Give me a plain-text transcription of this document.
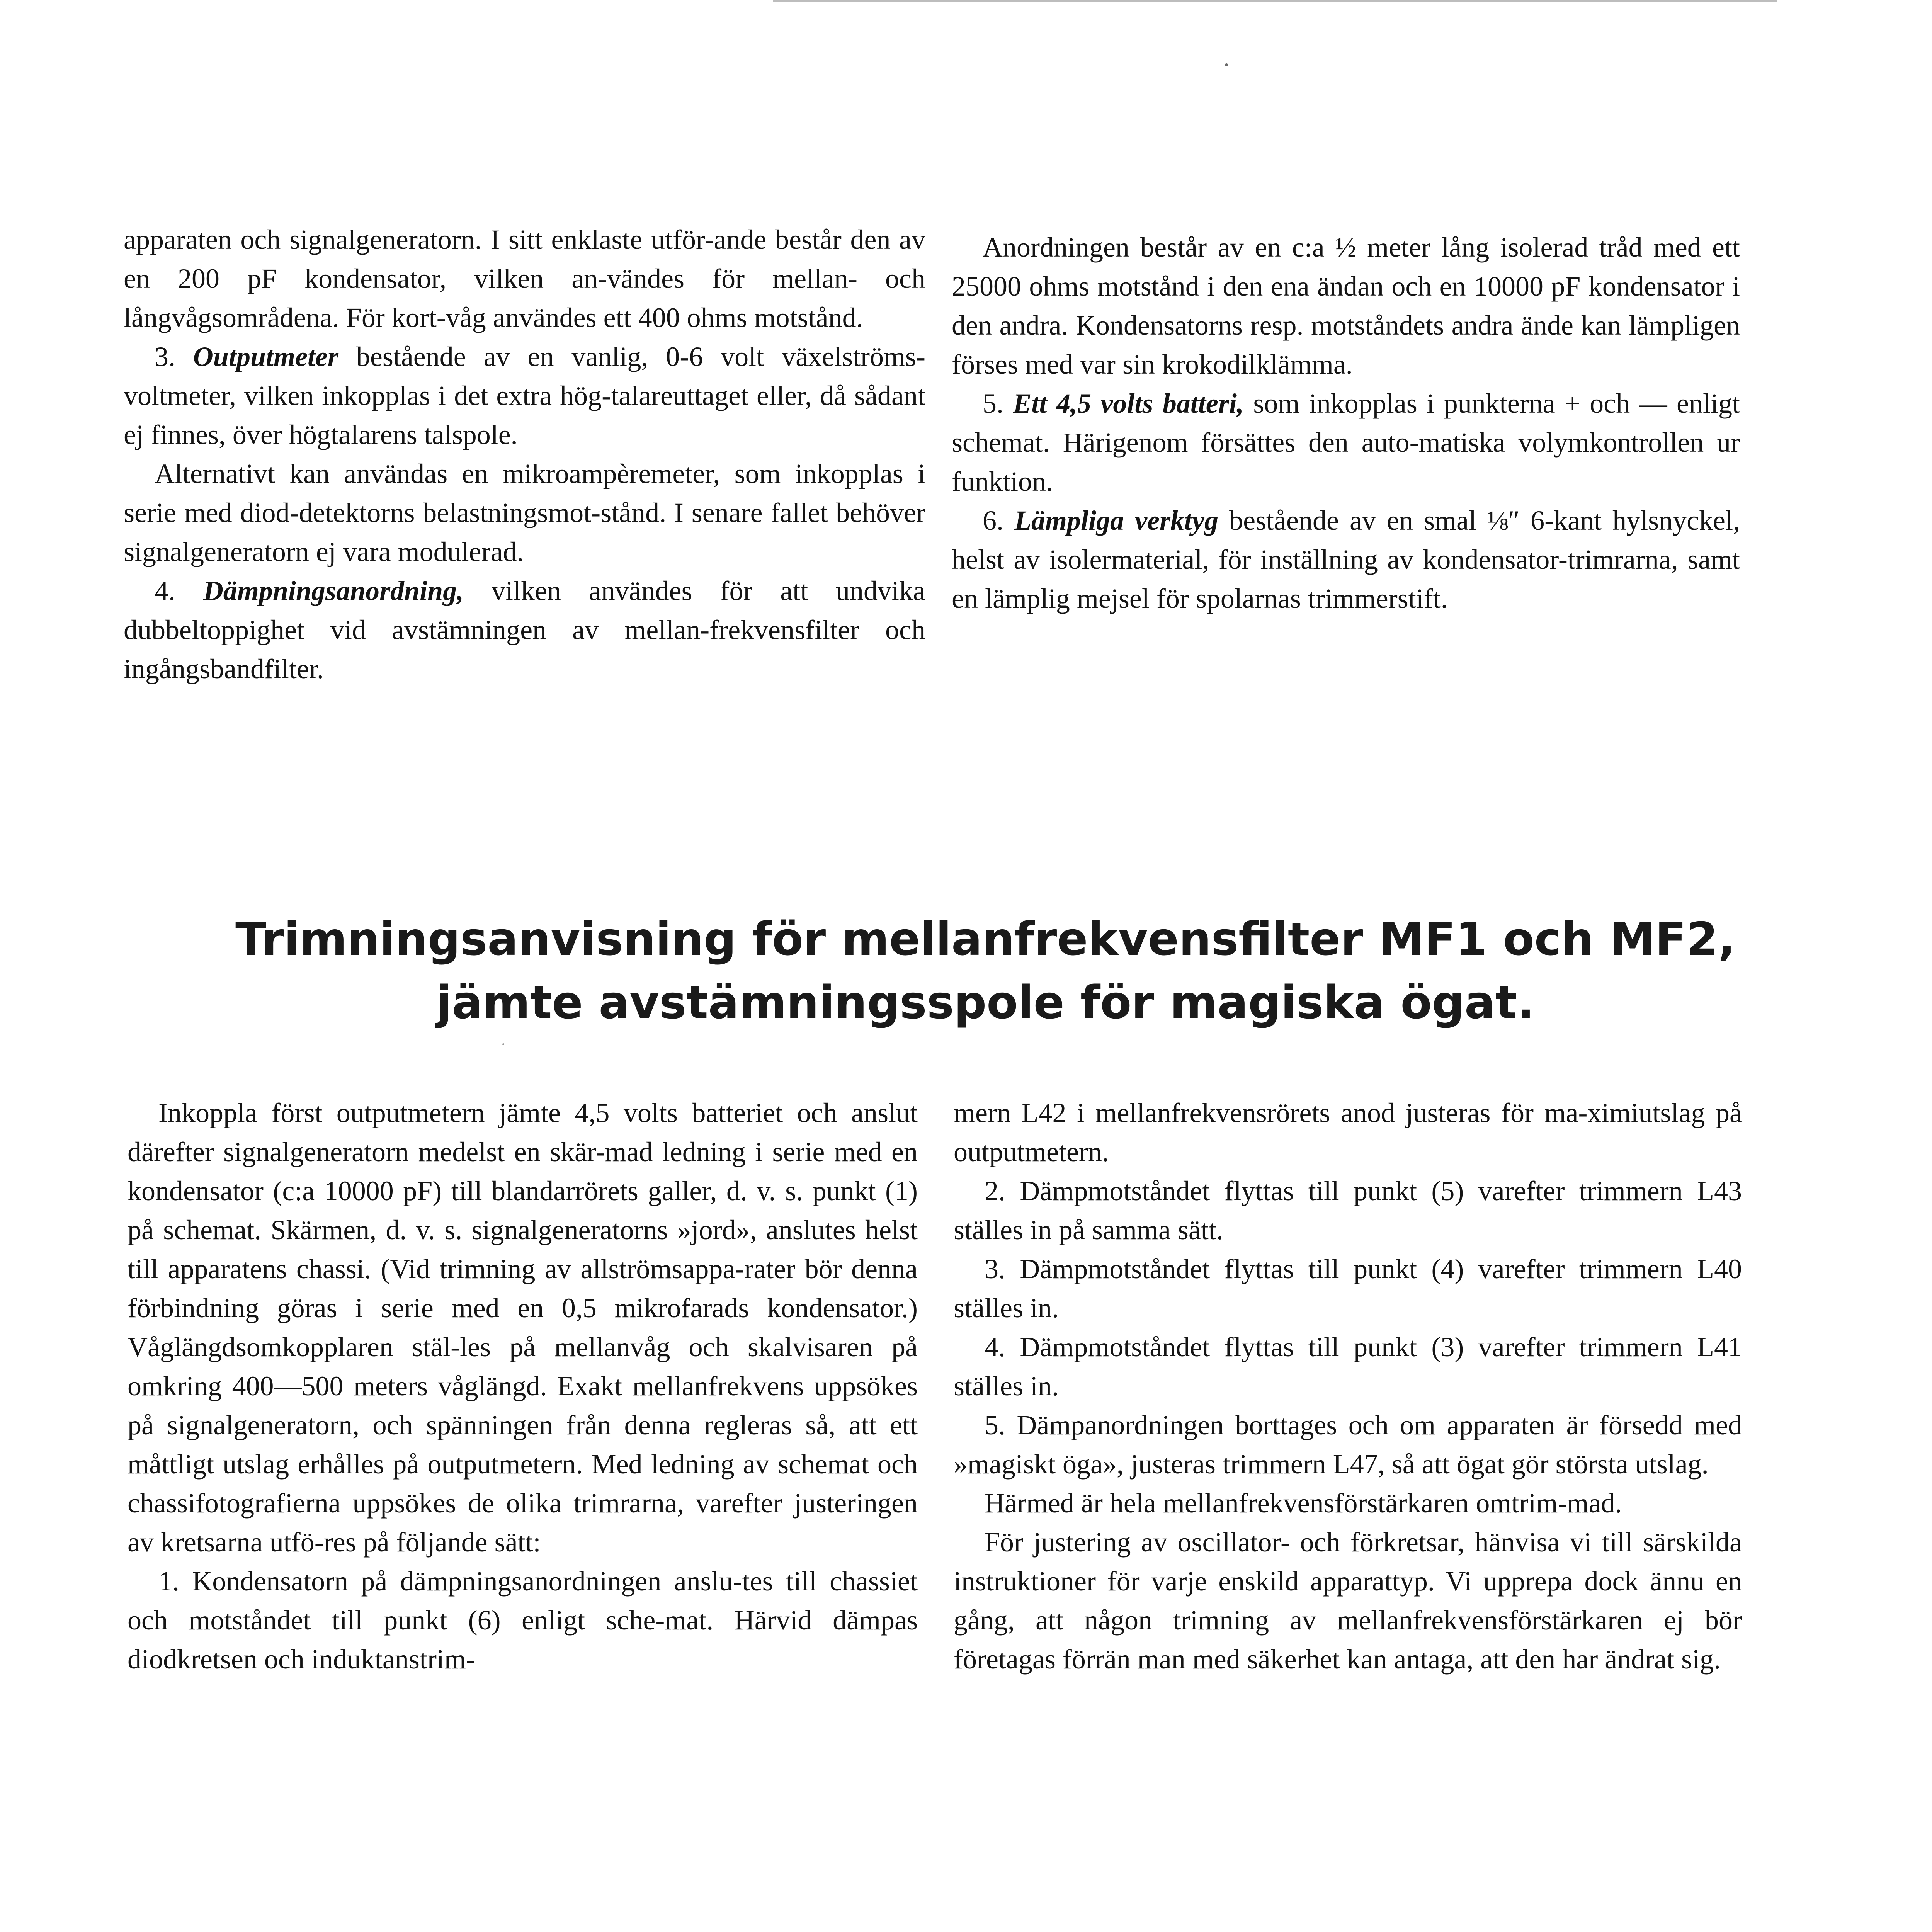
apparaten och signalgeneratorn. I sitt enklaste utför-ande består den av en 200 pF kondensator, vilken an-vändes för mellan- och långvågsområdena. För kort-våg användes ett 400 ohms motstånd.

3. Outputmeter bestående av en vanlig, 0-6 volt växelströms-voltmeter, vilken inkopplas i det extra hög-talareuttaget eller, då sådant ej finnes, över högtalarens talspole.

Alternativt kan användas en mikroampèremeter, som inkopplas i serie med diod-detektorns belastningsmot-stånd. I senare fallet behöver signalgeneratorn ej vara modulerad.

4. Dämpningsanordning, vilken användes för att undvika dubbeltoppighet vid avstämningen av mellan-frekvensfilter och ingångsbandfilter.

Anordningen består av en c:a ½ meter lång isolerad tråd med ett 25000 ohms motstånd i den ena ändan och en 10000 pF kondensator i den andra. Kondensatorns resp. motståndets andra ände kan lämpligen förses med var sin krokodilklämma.

5. Ett 4,5 volts batteri, som inkopplas i punkterna + och — enligt schemat. Härigenom försättes den auto-matiska volymkontrollen ur funktion.

6. Lämpliga verktyg bestående av en smal ⅛″ 6-kant hylsnyckel, helst av isolermaterial, för inställning av kondensator-trimrarna, samt en lämplig mejsel för spolarnas trimmerstift.

Trimningsanvisning för mellanfrekvensfilter MF1 och MF2,
jämte avstämningsspole för magiska ögat.

Inkoppla först outputmetern jämte 4,5 volts batteriet och anslut därefter signalgeneratorn medelst en skär-mad ledning i serie med en kondensator (c:a 10000 pF) till blandarrörets galler, d. v. s. punkt (1) på schemat. Skärmen, d. v. s. signalgeneratorns »jord», anslutes helst till apparatens chassi. (Vid trimning av allströmsappa-rater bör denna förbindning göras i serie med en 0,5 mikrofarads kondensator.) Våglängdsomkopplaren stäl-les på mellanvåg och skalvisaren på omkring 400—500 meters våglängd. Exakt mellanfrekvens uppsökes på signalgeneratorn, och spänningen från denna regleras så, att ett måttligt utslag erhålles på outputmetern. Med ledning av schemat och chassifotografierna uppsökes de olika trimrarna, varefter justeringen av kretsarna utfö-res på följande sätt:

1. Kondensatorn på dämpningsanordningen anslu-tes till chassiet och motståndet till punkt (6) enligt sche-mat. Härvid dämpas diodkretsen och induktanstrim-

mern L42 i mellanfrekvensrörets anod justeras för ma-ximiutslag på outputmetern.

2. Dämpmotståndet flyttas till punkt (5) varefter trimmern L43 ställes in på samma sätt.

3. Dämpmotståndet flyttas till punkt (4) varefter trimmern L40 ställes in.

4. Dämpmotståndet flyttas till punkt (3) varefter trimmern L41 ställes in.

5. Dämpanordningen borttages och om apparaten är försedd med »magiskt öga», justeras trimmern L47, så att ögat gör största utslag.

Härmed är hela mellanfrekvensförstärkaren omtrim-mad.

För justering av oscillator- och förkretsar, hänvisa vi till särskilda instruktioner för varje enskild apparattyp. Vi upprepa dock ännu en gång, att någon trimning av mellanfrekvensförstärkaren ej bör företagas förrän man med säkerhet kan antaga, att den har ändrat sig.
